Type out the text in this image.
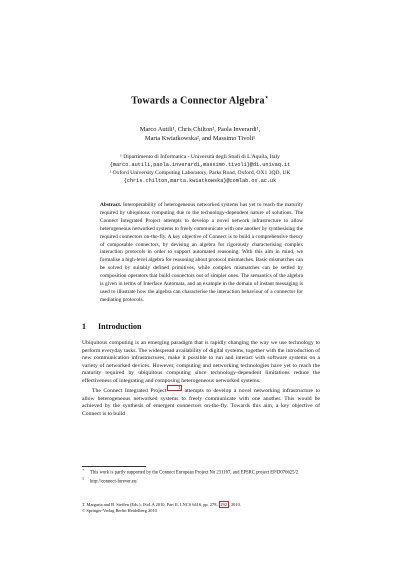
Towards a Connector Algebra⋆
Marco Autili¹, Chris Chilton², Paola Inverardi¹,
Marta Kwiatkowska², and Massimo Tivoli¹
¹ Dipartimento di Informatica - Università degli Studi di L'Aquila, Italy
{marco.autili,paola.inverardi,massimo.tivoli}@di.univaq.it
² Oxford University Computing Laboratory, Parks Road, Oxford, OX1 3QD, UK
{chris.chilton,marta.kwiatkowska}@comlab.ox.ac.uk
Abstract. Interoperability of heterogeneous networked systems has yet to reach the maturity required by ubiquitous computing due to the technology-dependent nature of solutions. The Connect Integrated Project attempts to develop a novel network infrastructure to allow heterogeneous networked systems to freely communicate with one another by synthesising the required connectors on-the-fly. A key objective of Connect is to build a comprehensive theory of composable connectors, by devising an algebra for rigorously characterising complex interaction protocols in order to support automated reasoning. With this aim in mind, we formalise a high-level algebra for reasoning about protocol mismatches. Basic mismatches can be solved by suitably defined primitives, while complex mismatches can be settled by composition operators that build connectors out of simpler ones. The semantics of the algebra is given in terms of Interface Automata, and an example in the domain of instant messaging is used to illustrate how the algebra can characterise the interaction behaviour of a connector for mediating protocols.
1 Introduction

Ubiquitous computing is an emerging paradigm that is rapidly changing the way we use technology to perform everyday tasks. The widespread availability of digital systems, together with the introduction of new communication infrastructures, make it possible to run and interact with software systems on a variety of networked devices. However, computing and networking technologies have yet to reach the maturity required by ubiquitous computing since technology-dependent limitations reduce the effectiveness of integrating and composing heterogeneous networked systems.

The Connect Integrated Project1 attempts to develop a novel networking infrastructure to allow heterogeneous networked systems to freely communicate with one another. This would be achieved by the synthesis of emergent connectors on-the-fly. Towards this aim, a key objective of Connect is to build

⋆This work is partly supported by the Connect European Project No 231167, and EPSRC project EP/D076625/2.
1http://connect-forever.eu/
T. Margaria and B. Steffen (Eds.): ISoLA 2010, Part II, LNCS 6416, pp. 278– 292 , 2010.
© Springer-Verlag Berlin Heidelberg 2010
